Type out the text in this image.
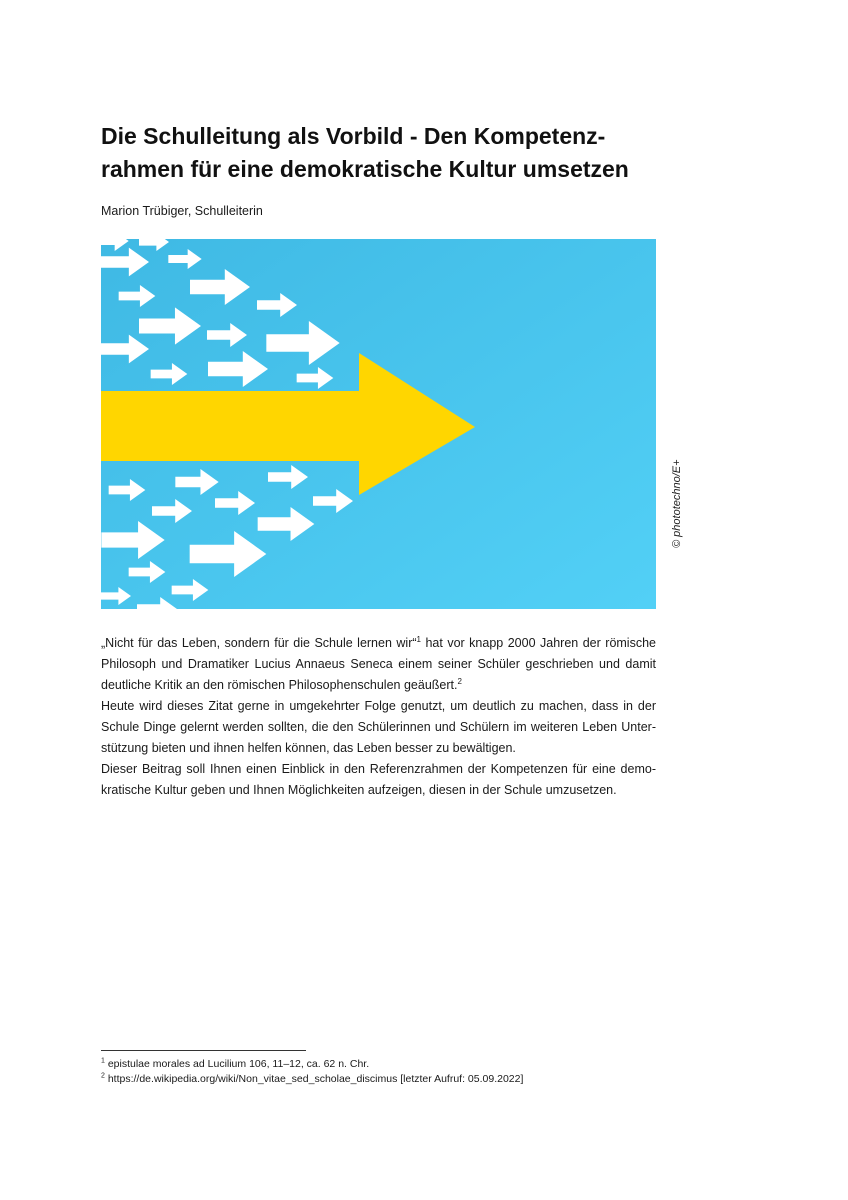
Die Schulleitung als Vorbild - Den Kompetenz-
rahmen für eine demokratische Kultur umsetzen

Marion Trübiger, Schulleiterin

© phototechno/E+

„Nicht für das Leben, sondern für die Schule lernen wir“$^1$ hat vor knapp 2000 Jahren der römische Philosoph und Dramatiker Lucius Annaeus Seneca einem seiner Schüler geschrieben und damit deutliche Kritik an den römischen Philosophenschulen geäußert.$^2$

Heute wird dieses Zitat gerne in umgekehrter Folge genutzt, um deutlich zu machen, dass in der Schule Dinge gelernt werden sollten, die den Schülerinnen und Schülern im weiteren Leben Unterstützung bieten und ihnen helfen können, das Leben besser zu bewältigen.

Dieser Beitrag soll Ihnen einen Einblick in den Referenzrahmen der Kompetenzen für eine demokratische Kultur geben und Ihnen Möglichkeiten aufzeigen, diesen in der Schule umzusetzen.

$^1$ epistulae morales ad Lucilium 106, 11–12, ca. 62 n. Chr.

$^2$ https://de.wikipedia.org/wiki/Non_vitae_sed_scholae_discimus [letzter Aufruf: 05.09.2022]
